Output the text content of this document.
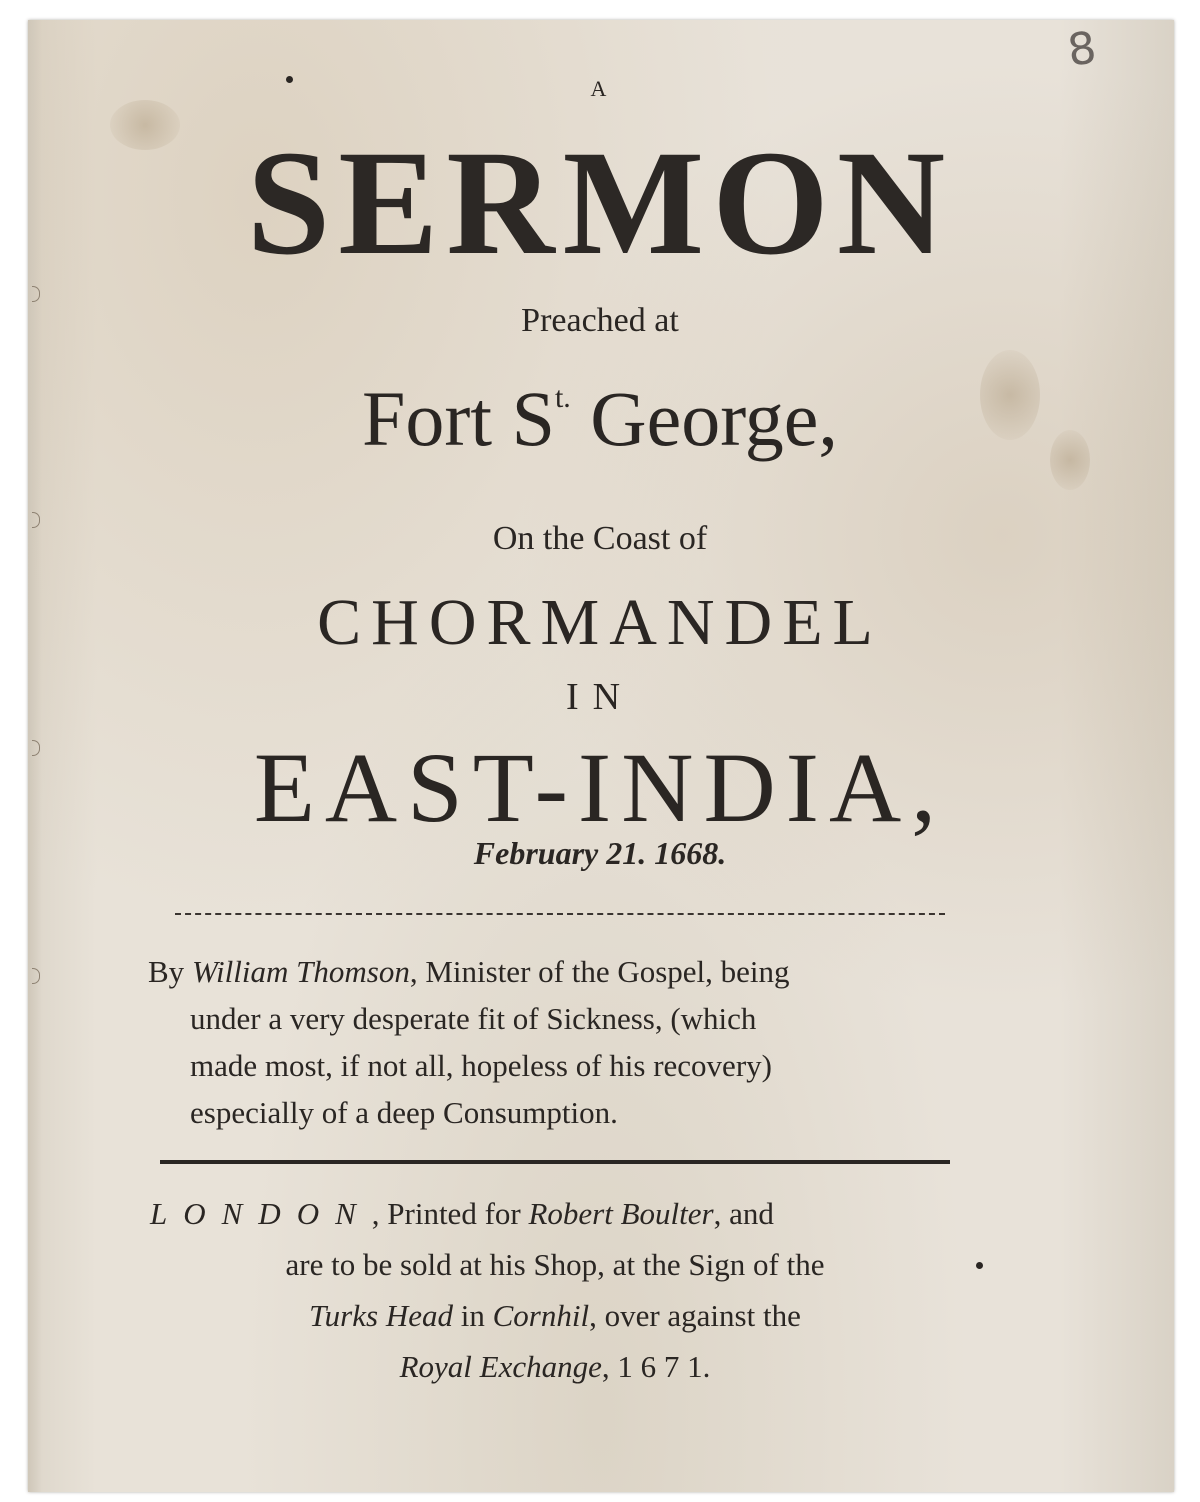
8
A
SERMON
Preached at
Fort $S^{t.}$ George,
On the Coast of
CHORMANDEL
IN
EAST-INDIA,
February 21. 1668.
By William Thomson, Minister of the Gospel, being
under a very desperate fit of Sickness, (which
made most, if not all, hopeless of his recovery)
especially of a deep Consumption.
LONDON, Printed for Robert Boulter, and
are to be sold at his Shop, at the Sign of the
Turks Head in Cornhil, over against the
Royal Exchange, 1 6 7 1.
